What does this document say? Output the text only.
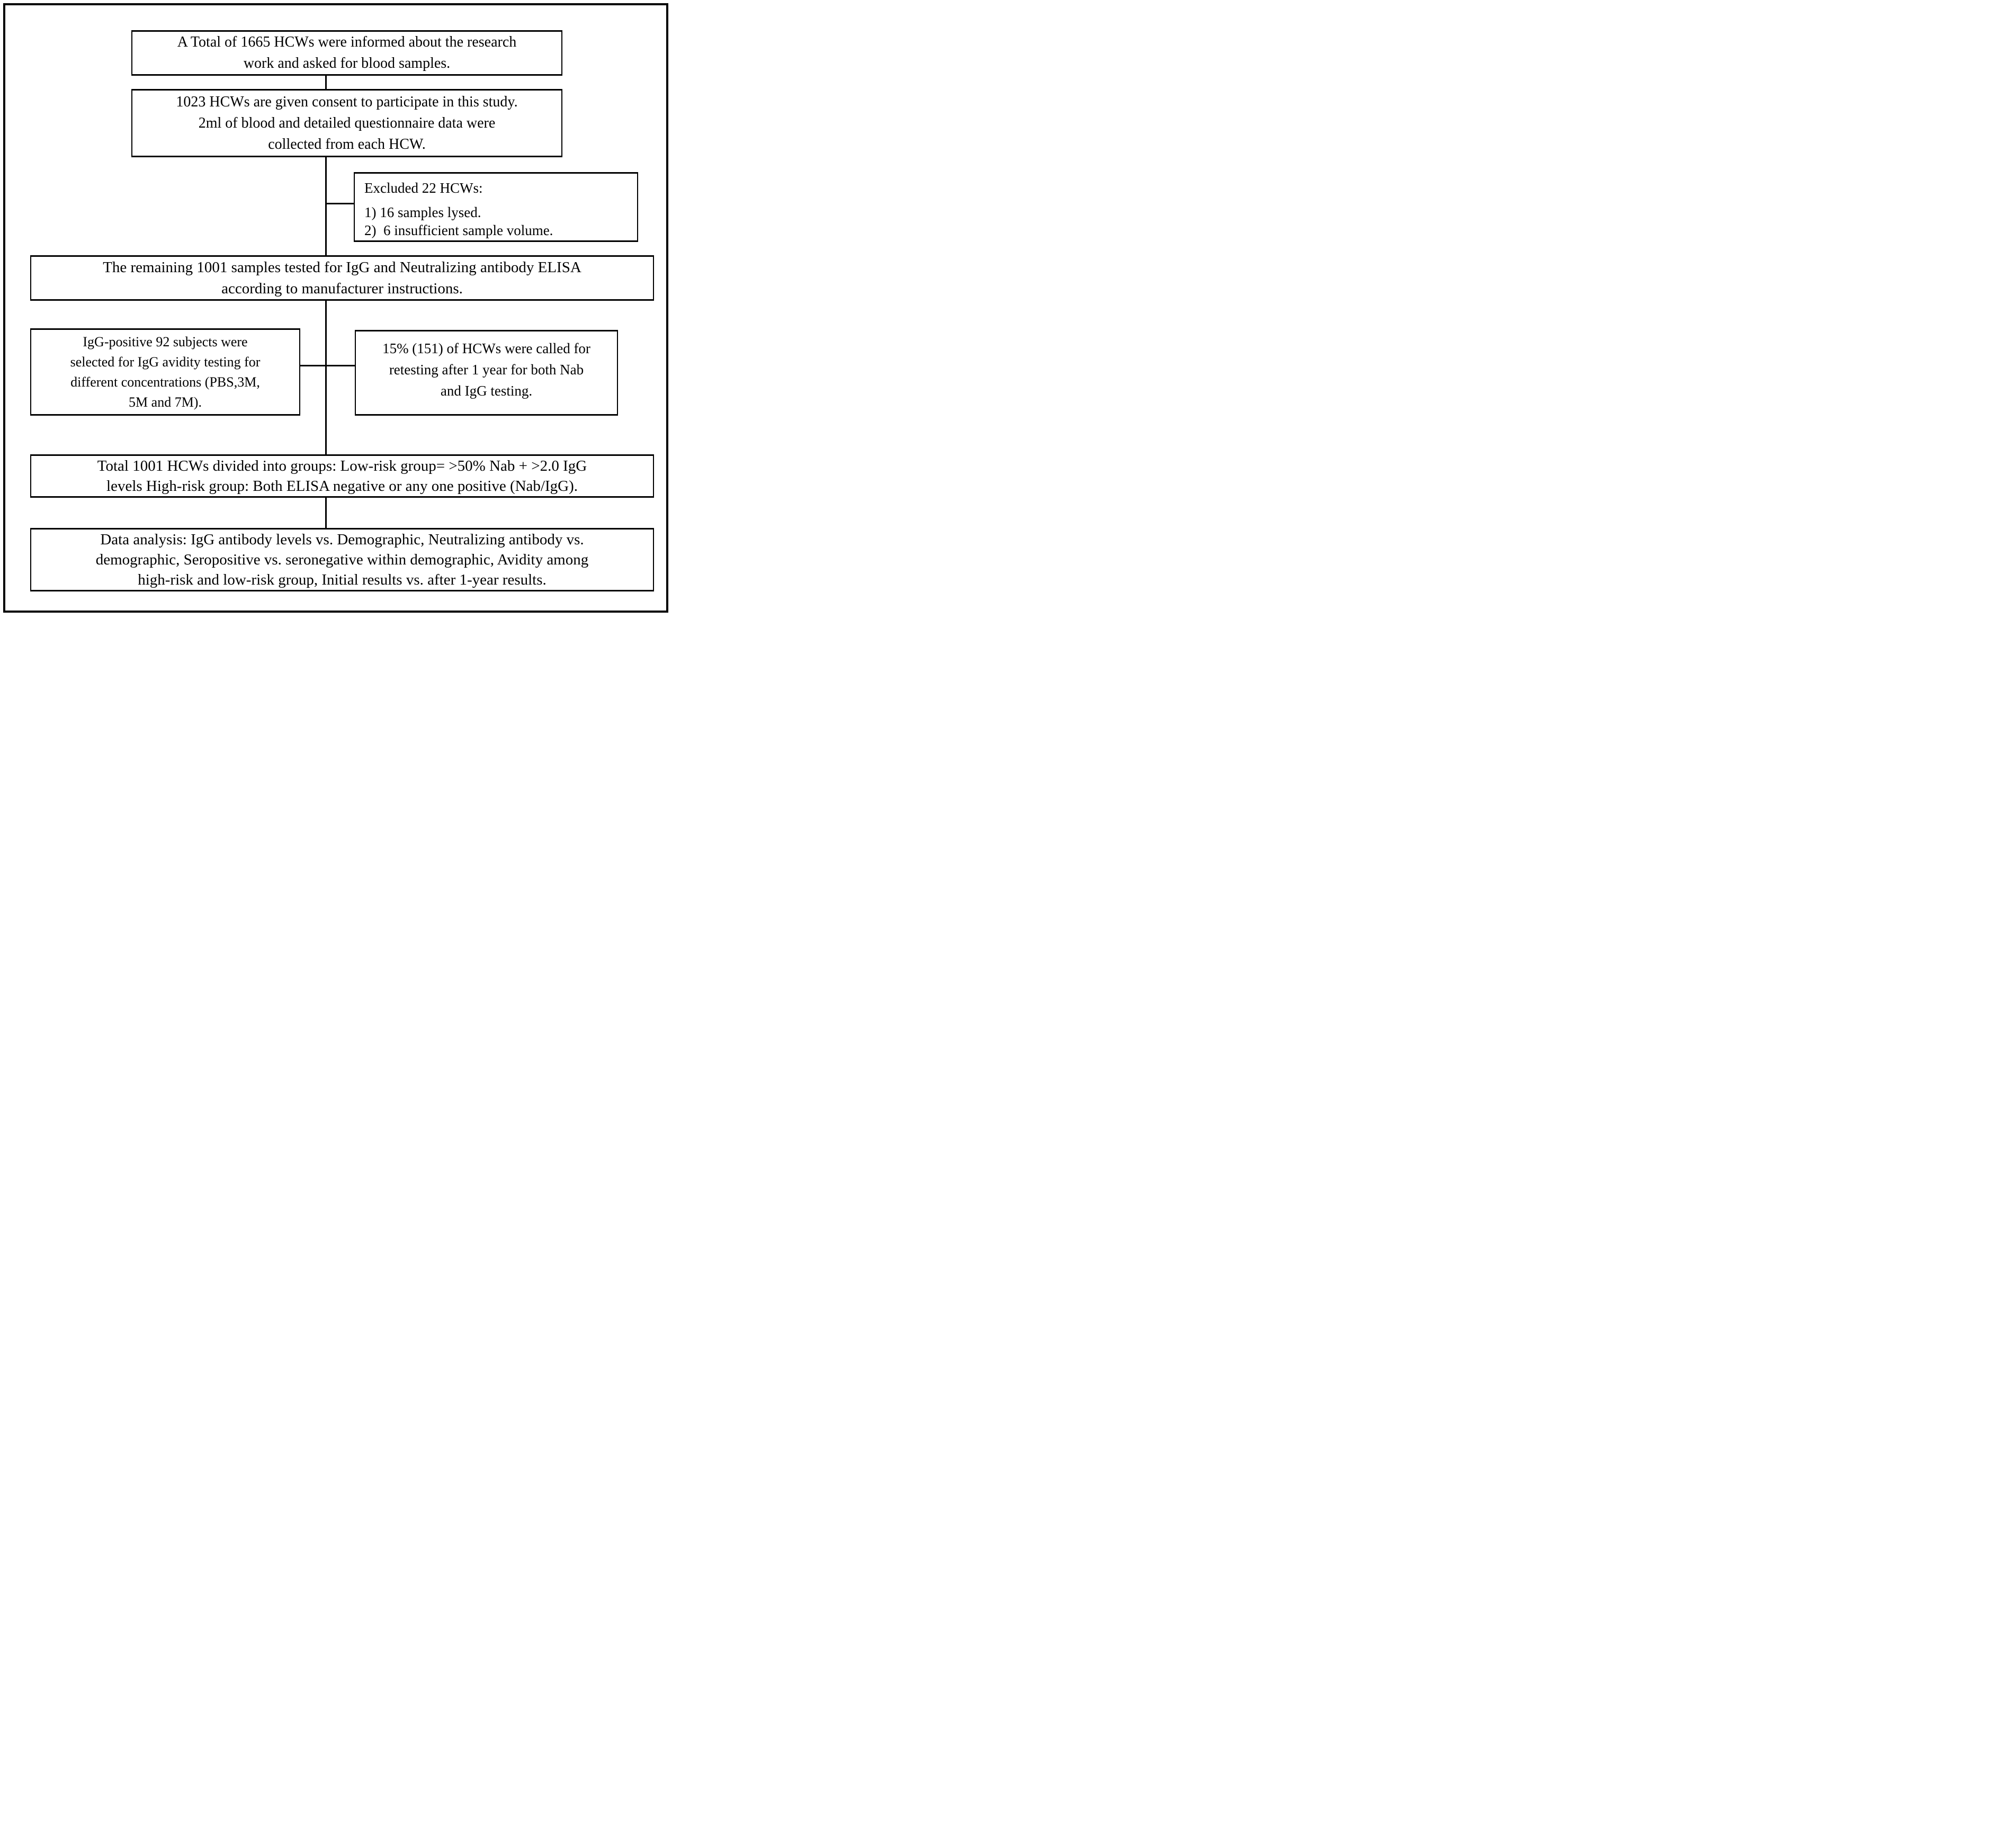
A Total of 1665 HCWs were informed about the research
work and asked for blood samples.
1023 HCWs are given consent to participate in this study.
2ml of blood and detailed questionnaire data were
collected from each HCW.
Excluded 22 HCWs:
1) 16 samples lysed.
2)  6 insufficient sample volume.
The remaining 1001 samples tested for IgG and Neutralizing antibody ELISA
according to manufacturer instructions.
IgG-positive 92 subjects were
selected for IgG avidity testing for
different concentrations (PBS,3M,
5M and 7M).
15% (151) of HCWs were called for
retesting after 1 year for both Nab
and IgG testing.
Total 1001 HCWs divided into groups: Low-risk group= >50% Nab + >2.0 IgG
levels High-risk group: Both ELISA negative or any one positive (Nab/IgG).
Data analysis: IgG antibody levels vs. Demographic, Neutralizing antibody vs.
demographic, Seropositive vs. seronegative within demographic, Avidity among
high-risk and low-risk group, Initial results vs. after 1-year results.
